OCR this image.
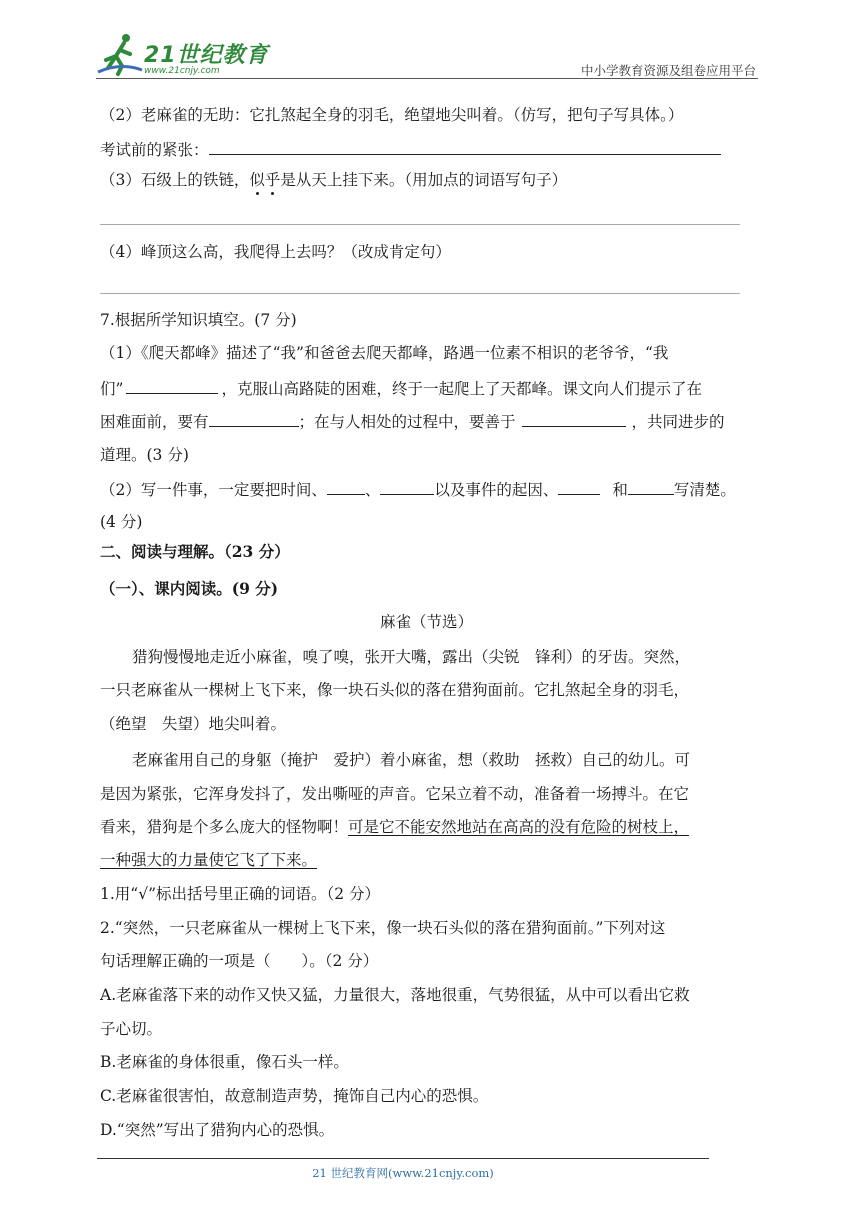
21世纪教育
www.21cnjy.com	中小学教育资源及组卷应用平台
（2）老麻雀的无助：它扎煞起全身的羽毛，绝望地尖叫着。（仿写，把句子写具体。）
考试前的紧张：
（3）石级上的铁链，似乎是从天上挂下来。（用加点的词语写句子）
（4）峰顶这么高，我爬得上去吗？（改成肯定句）
7.根据所学知识填空。(7 分)
（1）《爬天都峰》描述了“我”和爸爸去爬天都峰，路遇一位素不相识的老爷爷，“我
们”	，克服山高路陡的困难，终于一起爬上了天都峰。课文向人们提示了在
困难面前，要有	；在与人相处的过程中，要善于	，共同进步的
道理。(3 分)
（2）写一件事，一定要把时间、 、	以及事件的起因、	和	写清楚。
(4 分)
二、阅读与理解。（23 分）
（一）、课内阅读。(9 分)
麻雀（节选）
猎狗慢慢地走近小麻雀，嗅了嗅，张开大嘴，露出（尖锐　锋利）的牙齿。突然，
一只老麻雀从一棵树上飞下来，像一块石头似的落在猎狗面前。它扎煞起全身的羽毛，
（绝望　失望）地尖叫着。
老麻雀用自己的身躯（掩护　爱护）着小麻雀，想（救助　拯救）自己的幼儿。可
是因为紧张，它浑身发抖了，发出嘶哑的声音。它呆立着不动，准备着一场搏斗。在它
看来，猎狗是个多么庞大的怪物啊！可是它不能安然地站在高高的没有危险的树枝上，
一种强大的力量使它飞了下来。
1.用“√”标出括号里正确的词语。（2 分）
2.“突然，一只老麻雀从一棵树上飞下来，像一块石头似的落在猎狗面前。”下列对这
句话理解正确的一项是（　　）。（2 分）
A.老麻雀落下来的动作又快又猛，力量很大，落地很重，气势很猛，从中可以看出它救
子心切。
B.老麻雀的身体很重，像石头一样。
C.老麻雀很害怕，故意制造声势，掩饰自己内心的恐惧。
D.“突然”写出了猎狗内心的恐惧。
21 世纪教育网(www.21cnjy.com)
